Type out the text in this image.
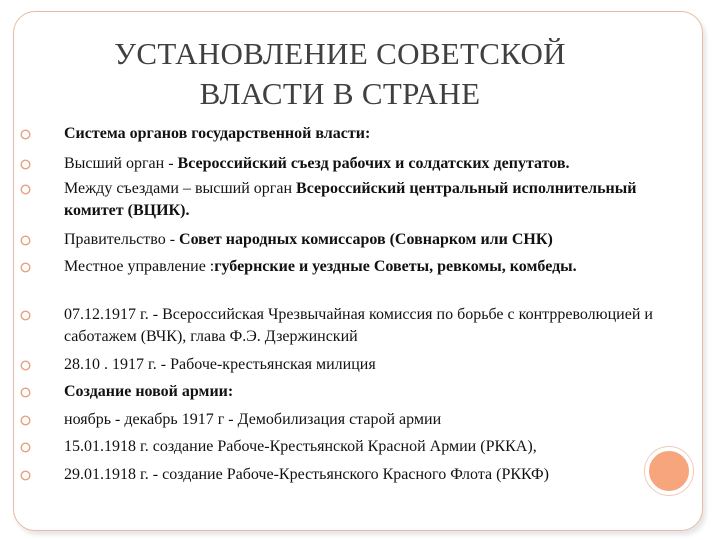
УСТАНОВЛЕНИЕ СОВЕТСКОЙ
ВЛАСТИ В СТРАНЕ
Система органов государственной власти:
Высший орган - Всероссийский съезд рабочих и солдатских депутатов.
Между съездами – высший орган Всероссийский центральный исполнительный комитет (ВЦИК).
Правительство - Совет народных комиссаров (Совнарком или СНК)
Местное управление :губернские и уездные Советы, ревкомы, комбеды.
07.12.1917 г. - Всероссийская Чрезвычайная комиссия по борьбе с контрреволюцией и саботажем (ВЧК), глава Ф.Э. Дзержинский
28.10 . 1917 г. - Рабоче-крестьянская милиция
Создание новой армии:
ноябрь - декабрь 1917 г - Демобилизация старой армии
15.01.1918 г. создание Рабоче-Крестьянской Красной Армии (РККА),
29.01.1918 г. - создание Рабоче-Крестьянского Красного Флота (РККФ)
